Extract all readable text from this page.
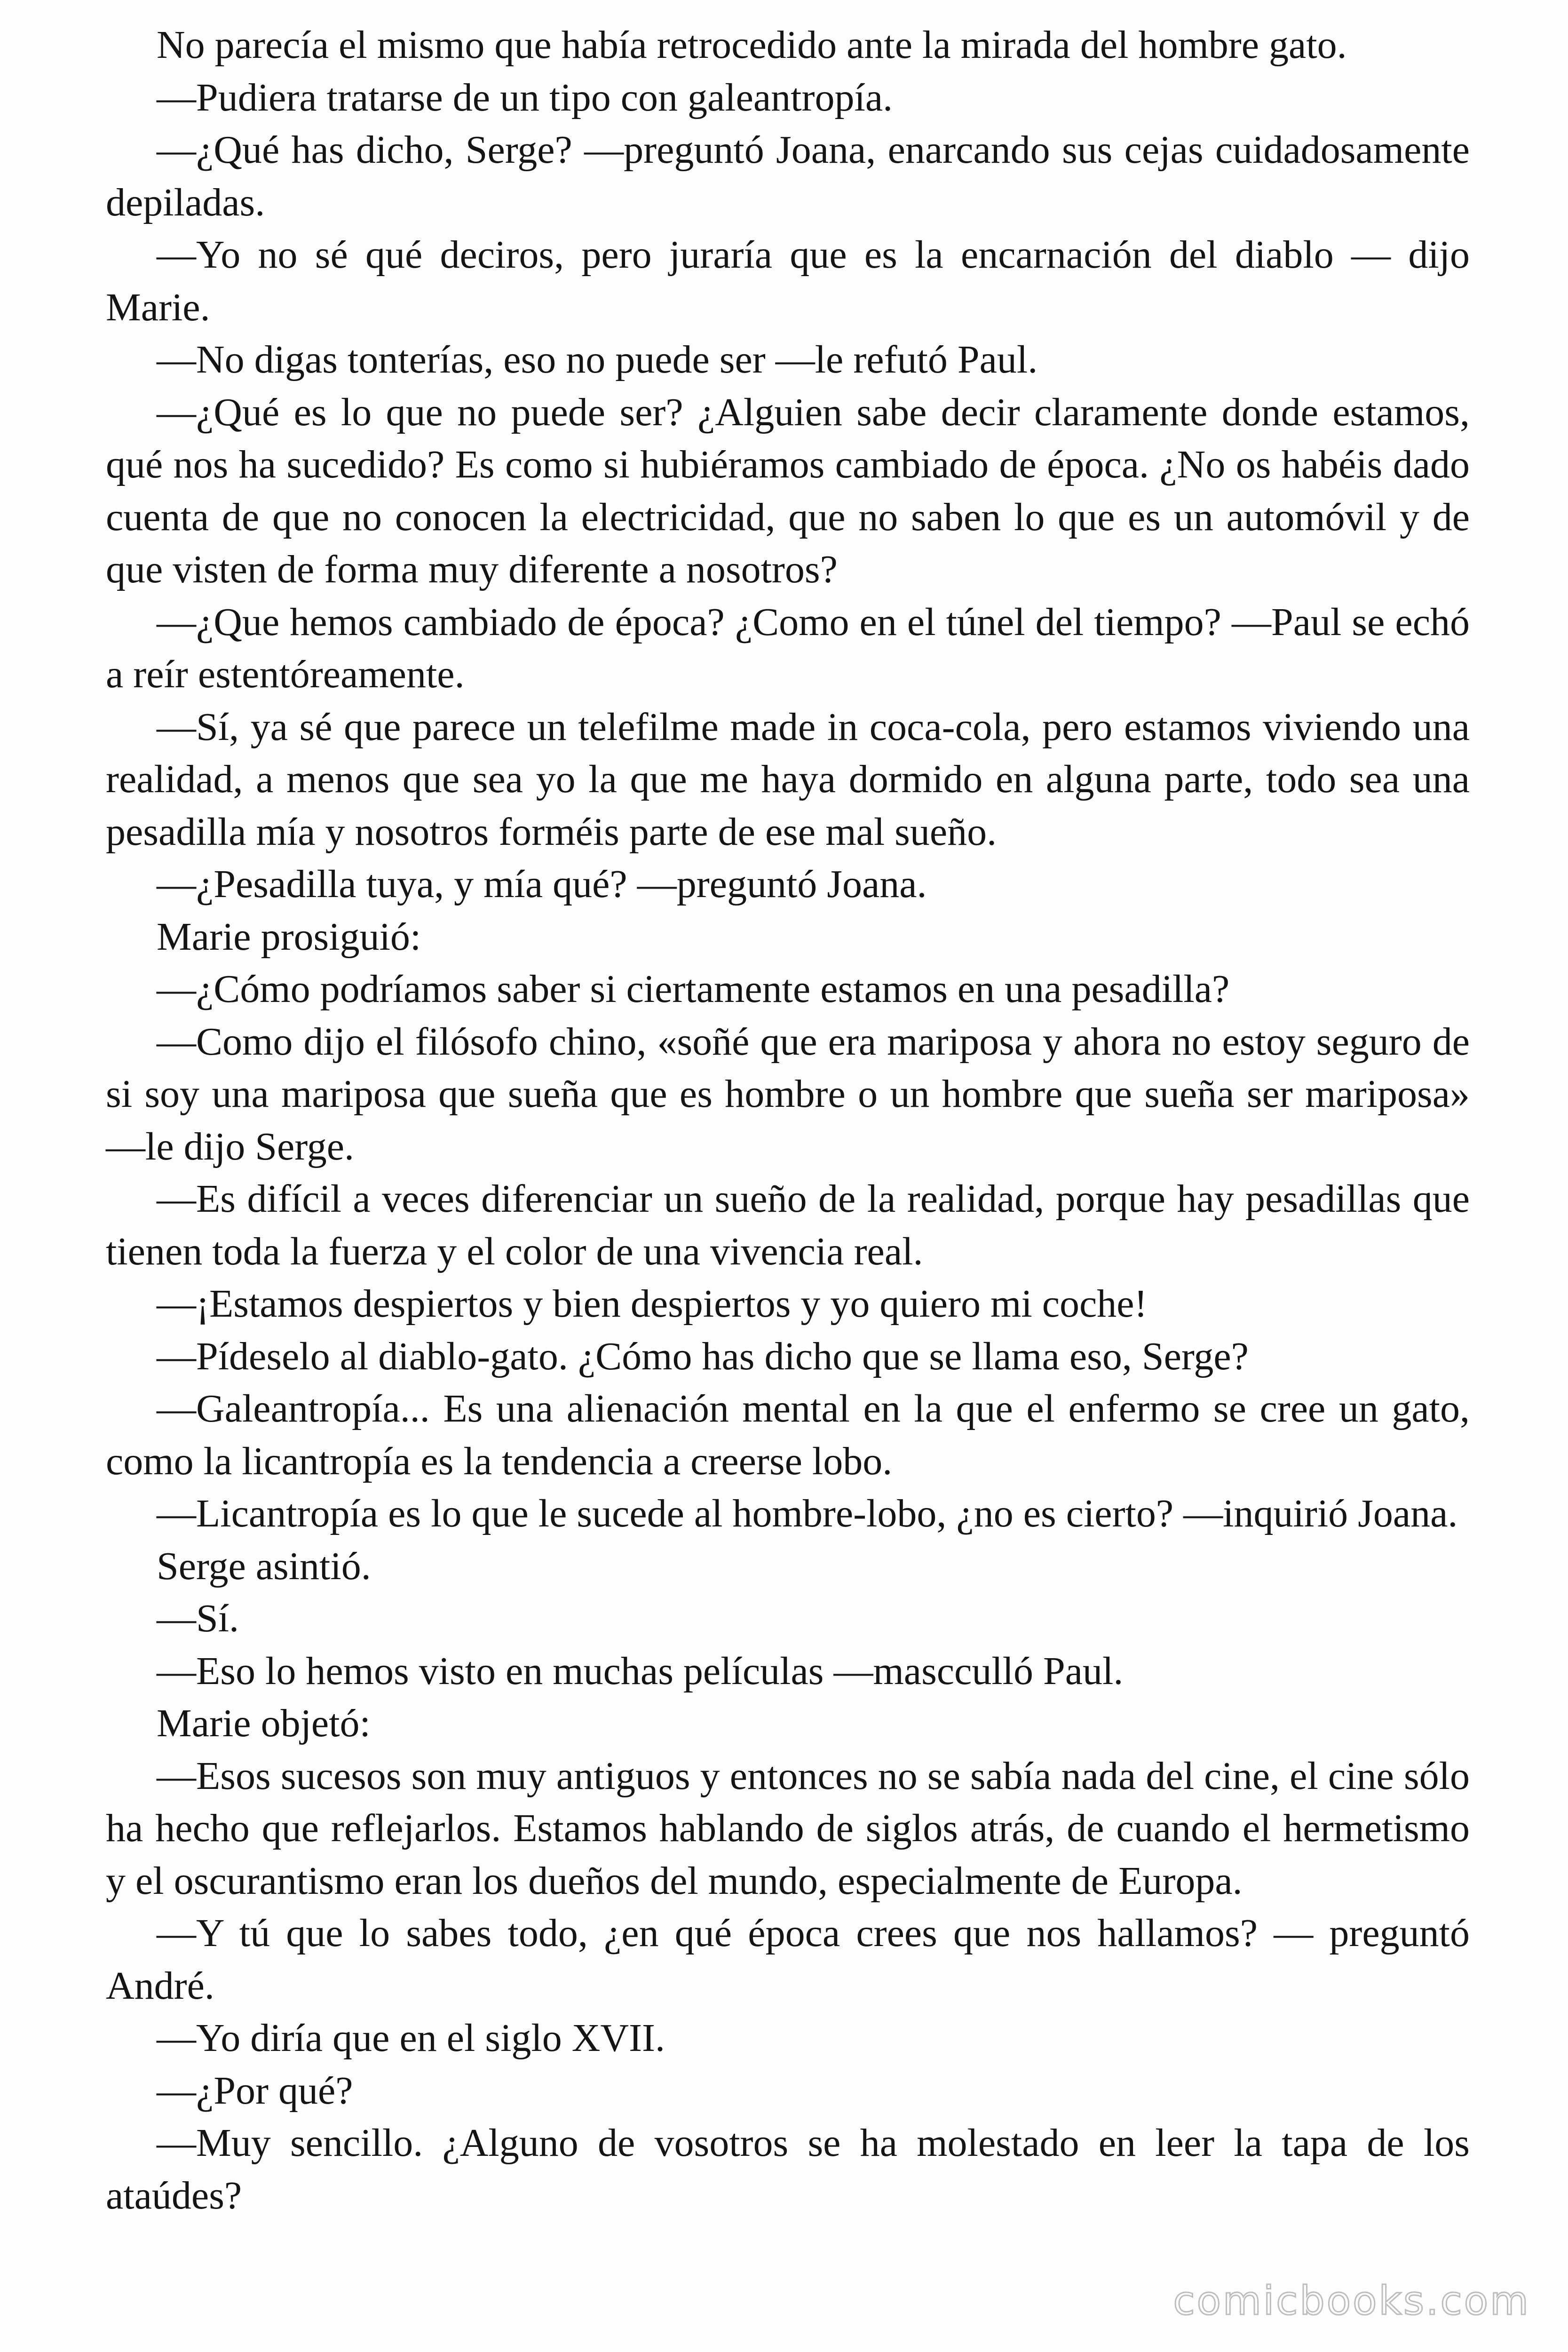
No parecía el mismo que había retrocedido ante la mirada del hombre gato.

—Pudiera tratarse de un tipo con galeantropía.

—¿Qué has dicho, Serge? —preguntó Joana, enarcando sus cejas cuidadosamente depiladas.

—Yo no sé qué deciros, pero juraría que es la encarnación del diablo — dijo Marie.

—No digas tonterías, eso no puede ser —le refutó Paul.

—¿Qué es lo que no puede ser? ¿Alguien sabe decir claramente donde estamos, qué nos ha sucedido? Es como si hubiéramos cambiado de época. ¿No os habéis dado cuenta de que no conocen la electricidad, que no saben lo que es un automóvil y de que visten de forma muy diferente a nosotros?

—¿Que hemos cambiado de época? ¿Como en el túnel del tiempo? —Paul se echó a reír estentóreamente.

—Sí, ya sé que parece un telefilme made in coca-cola, pero estamos viviendo una realidad, a menos que sea yo la que me haya dormido en alguna parte, todo sea una pesadilla mía y nosotros forméis parte de ese mal sueño.

—¿Pesadilla tuya, y mía qué? —preguntó Joana.

Marie prosiguió:

—¿Cómo podríamos saber si ciertamente estamos en una pesadilla?

—Como dijo el filósofo chino, «soñé que era mariposa y ahora no estoy seguro de si soy una mariposa que sueña que es hombre o un hombre que sueña ser mariposa» —le dijo Serge.

—Es difícil a veces diferenciar un sueño de la realidad, porque hay pesadillas que tienen toda la fuerza y el color de una vivencia real.

—¡Estamos despiertos y bien despiertos y yo quiero mi coche!

—Pídeselo al diablo-gato. ¿Cómo has dicho que se llama eso, Serge?

—Galeantropía... Es una alienación mental en la que el enfermo se cree un gato, como la licantropía es la tendencia a creerse lobo.

—Licantropía es lo que le sucede al hombre-lobo, ¿no es cierto? —inquirió Joana.

Serge asintió.

—Sí.

—Eso lo hemos visto en muchas películas —mascculló Paul.

Marie objetó:

—Esos sucesos son muy antiguos y entonces no se sabía nada del cine, el cine sólo ha hecho que reflejarlos. Estamos hablando de siglos atrás, de cuando el hermetismo y el oscurantismo eran los dueños del mundo, especialmente de Europa.

—Y tú que lo sabes todo, ¿en qué época crees que nos hallamos? — preguntó André.

—Yo diría que en el siglo XVII.

—¿Por qué?

—Muy sencillo. ¿Alguno de vosotros se ha molestado en leer la tapa de los ataúdes?

comicbooks.com
